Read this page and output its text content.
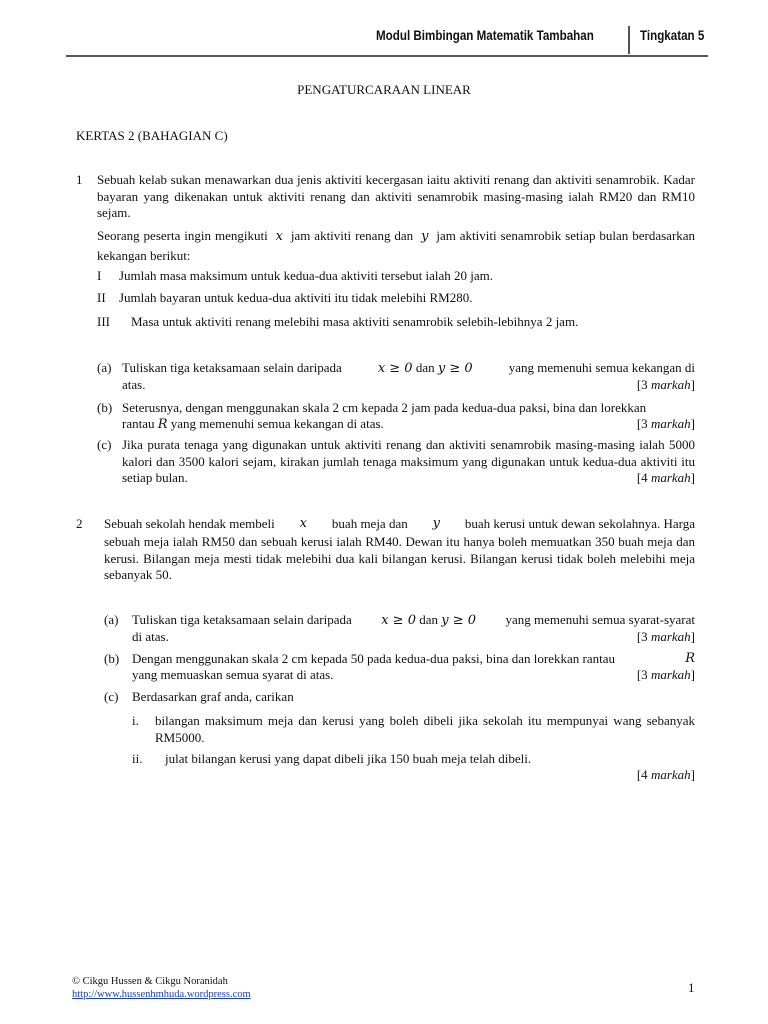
Modul Bimbingan Matematik Tambahan	Tingkatan 5
PENGATURCARAAN LINEAR
KERTAS 2 (BAHAGIAN C)
1 Sebuah kelab sukan menawarkan dua jenis aktiviti kecergasan iaitu aktiviti renang dan aktiviti senamrobik. Kadar bayaran yang dikenakan untuk aktiviti renang dan aktiviti senamrobik masing-masing ialah RM20 dan RM10 sejam.
Seorang peserta ingin mengikuti x jam aktiviti renang dan y jam aktiviti senamrobik setiap bulan berdasarkan kekangan berikut:
I Jumlah masa maksimum untuk kedua-dua aktiviti tersebut ialah 20 jam.
II Jumlah bayaran untuk kedua-dua aktiviti itu tidak melebihi RM280.
III Masa untuk aktiviti renang melebihi masa aktiviti senamrobik selebih-lebihnya 2 jam.
(a) Tuliskan tiga ketaksamaan selain daripada	x ≥ 0 dan y ≥ 0	yang memenuhi semua kekangan di
atas.	[3 markah]
(b) Seterusnya, dengan menggunakan skala 2 cm kepada 2 jam pada kedua-dua paksi, bina dan lorekkan
rantau R yang memenuhi semua kekangan di atas.	[3 markah]
(c) Jika purata tenaga yang digunakan untuk aktiviti renang dan aktiviti senamrobik masing-masing ialah 5000 kalori dan 3500 kalori sejam, kirakan jumlah tenaga maksimum yang digunakan untuk kedua-dua aktiviti itu setiap bulan.	[4 markah]
2 Sebuah sekolah hendak membeli x buah meja dan y buah kerusi untuk dewan sekolahnya. Harga
sebuah meja ialah RM50 dan sebuah kerusi ialah RM40. Dewan itu hanya boleh memuatkan 350 buah meja dan kerusi. Bilangan meja mesti tidak melebihi dua kali bilangan kerusi. Bilangan kerusi tidak boleh melebihi meja sebanyak 50.
(a) Tuliskan tiga ketaksamaan selain daripada x ≥ 0 dan y ≥ 0 yang memenuhi semua syarat-syarat
di atas.	[3 markah]
(b) Dengan menggunakan skala 2 cm kepada 50 pada kedua-dua paksi, bina dan lorekkan rantau	R
yang memuaskan semua syarat di atas.	[3 markah]
(c) Berdasarkan graf anda, carikan
i. bilangan maksimum meja dan kerusi yang boleh dibeli jika sekolah itu mempunyai wang sebanyak RM5000.
ii. julat bilangan kerusi yang dapat dibeli jika 150 buah meja telah dibeli.
[4 markah]
© Cikgu Hussen & Cikgu Noranidah
http://www.hussenhmhuda.wordpress.com	1
